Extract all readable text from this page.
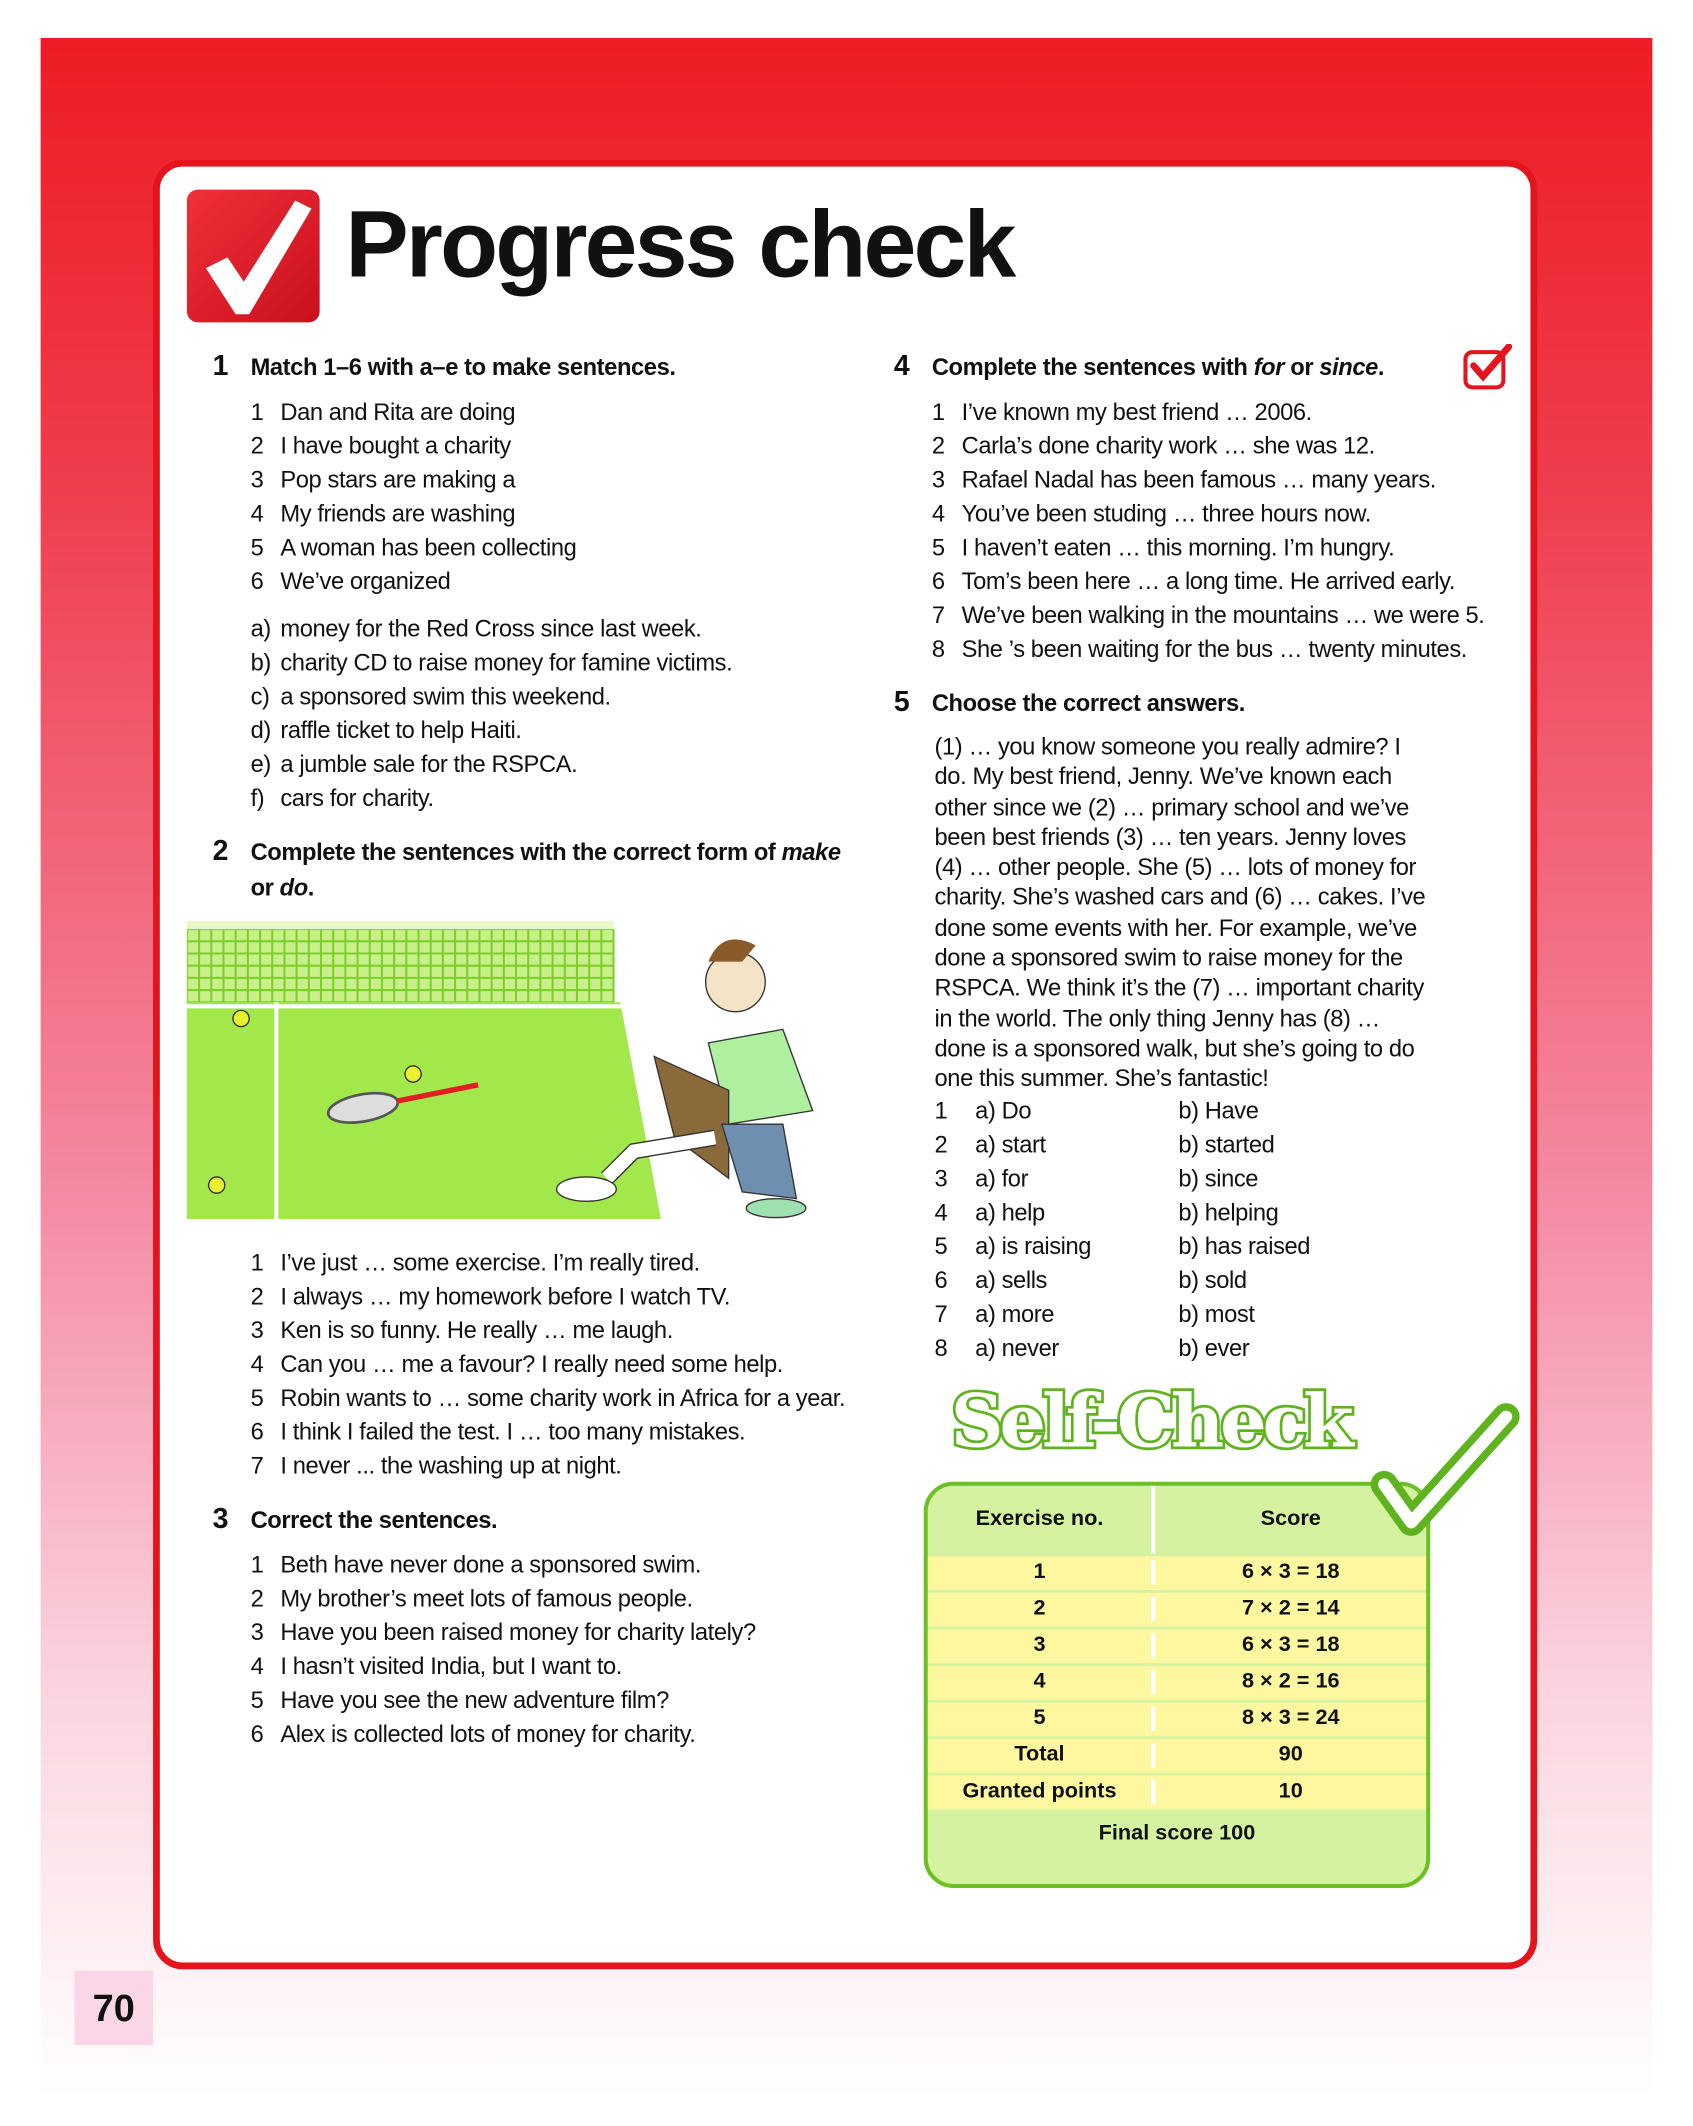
70
Progress check
1 Match 1–6 with a–e to make sentences.
1 Dan and Rita are doing
2 I have bought a charity
3 Pop stars are making a
4 My friends are washing
5 A woman has been collecting
6 We’ve organized
a) money for the Red Cross since last week.
b) charity CD to raise money for famine victims.
c) a sponsored swim this weekend.
d) raffle ticket to help Haiti.
e) a jumble sale for the RSPCA.
f) cars for charity.
2 Complete the sentences with the correct form of make or do.
1 I’ve just … some exercise. I’m really tired.
2 I always … my homework before I watch TV.
3 Ken is so funny. He really … me laugh.
4 Can you … me a favour? I really need some help.
5 Robin wants to … some charity work in Africa for a year.
6 I think I failed the test. I … too many mistakes.
7 I never ... the washing up at night.
3 Correct the sentences.
1 Beth have never done a sponsored swim.
2 My brother’s meet lots of famous people.
3 Have you been raised money for charity lately?
4 I hasn’t visited India, but I want to.
5 Have you see the new adventure film?
6 Alex is collected lots of money for charity.
4 Complete the sentences with for or since.
1 I’ve known my best friend … 2006.
2 Carla’s done charity work … she was 12.
3 Rafael Nadal has been famous … many years.
4 You’ve been studing … three hours now.
5 I haven’t eaten … this morning. I’m hungry.
6 Tom’s been here … a long time. He arrived early.
7 We’ve been walking in the mountains … we were 5.
8 She ’s been waiting for the bus … twenty minutes.
5 Choose the correct answers.
(1) … you know someone you really admire? I
do. My best friend, Jenny. We’ve known each
other since we (2) … primary school and we’ve
been best friends (3) … ten years. Jenny loves
(4) … other people. She (5) … lots of money for
charity. She’s washed cars and (6) … cakes. I’ve
done some events with her. For example, we’ve
done a sponsored swim to raise money for the
RSPCA. We think it’s the (7) … important charity
in the world. The only thing Jenny has (8) …
done is a sponsored walk, but she’s going to do
one this summer. She’s fantastic!
1	a) Do	b) Have
2	a) start	b) started
3	a) for	b) since
4	a) help	b) helping
5	a) is raising	b) has raised
6	a) sells	b) sold
7	a) more	b) most
8	a) never	b) ever
Exercise no.	Score
1	6 × 3 = 18
2	7 × 2 = 14
3	6 × 3 = 18
4	8 × 2 = 16
5	8 × 3 = 24
Total	90
Granted points	10
Final score 100
Self-Check
